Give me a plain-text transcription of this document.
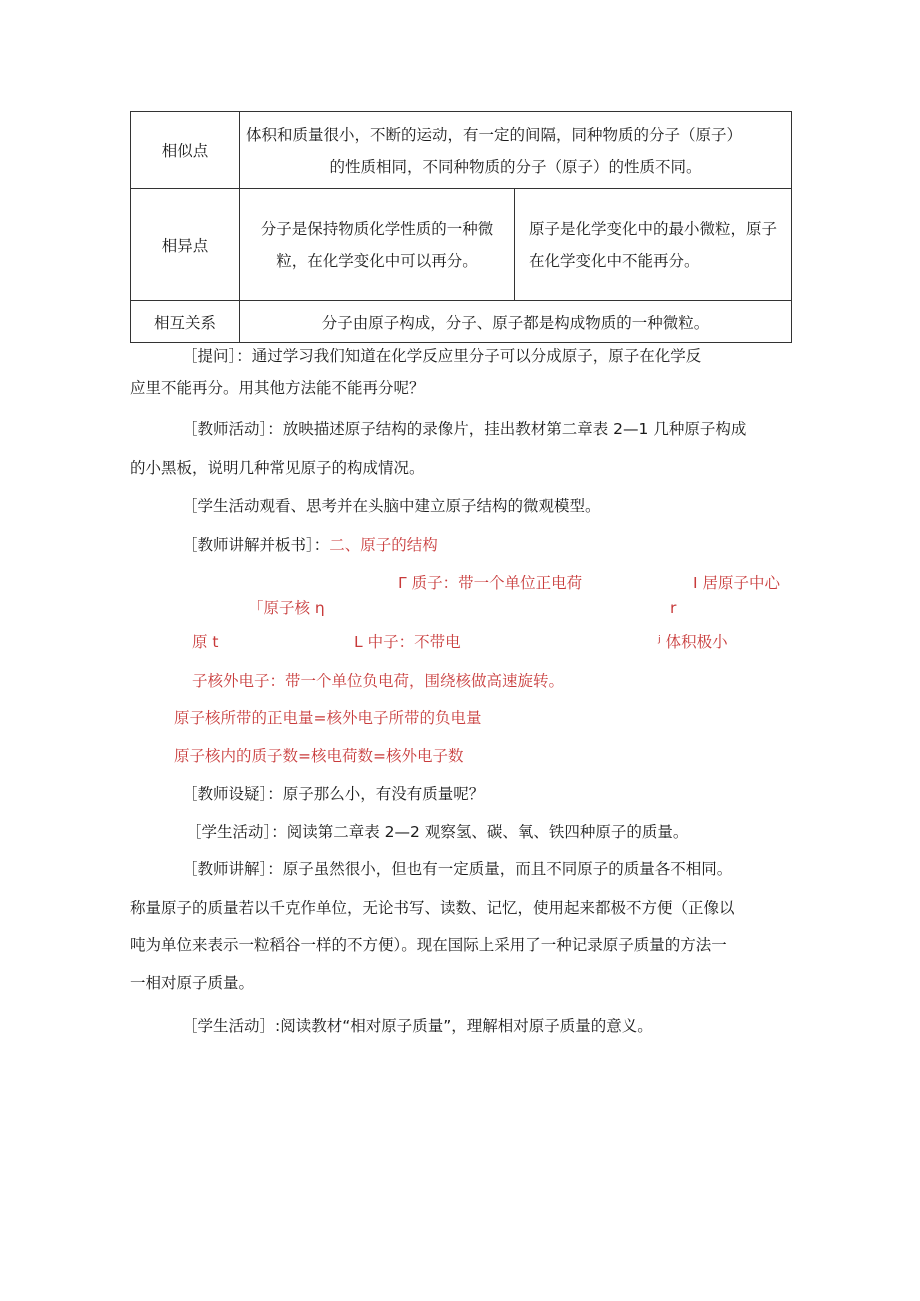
相似点	体积和质量很小，不断的运动，有一定的间隔，同种物质的分子（原子）
的性质相同，不同种物质的分子（原子）的性质不同。	

相异点	分子是保持物质化学性质的一种微粒，在化学变化中可以再分。	原子是化学变化中的最小微粒，原子在化学变化中不能再分。

相互关系	分子由原子构成，分子、原子都是构成物质的一种微粒。	
［提问］：通过学习我们知道在化学反应里分子可以分成原子，原子在化学反
应里不能再分。用其他方法能不能再分呢？
［教师活动］：放映描述原子结构的录像片，挂出教材第二章表 2—1 几种原子构成
的小黑板，说明几种常见原子的构成情况。
［学生活动观看、思考并在头脑中建立原子结构的微观模型。
［教师讲解并板书］：二、原子的结构
Γ 质子：带一个单位正电荷	I 居原子中心
「原子核 η	r
原 t	L 中子：不带电	ʲ 体积极小
子核外电子：带一个单位负电荷，围绕核做高速旋转。
原子核所带的正电量=核外电子所带的负电量
原子核内的质子数=核电荷数=核外电子数
［教师设疑］：原子那么小，有没有质量呢？
［学生活动］：阅读第二章表 2—2 观察氢、碳、氧、铁四种原子的质量。
［教师讲解］：原子虽然很小，但也有一定质量，而且不同原子的质量各不相同。
称量原子的质量若以千克作单位，无论书写、读数、记忆，使用起来都极不方便（正像以
吨为单位来表示一粒稻谷一样的不方便）。现在国际上采用了一种记录原子质量的方法一
一相对原子质量。
［学生活动］:阅读教材“相对原子质量”，理解相对原子质量的意义。
